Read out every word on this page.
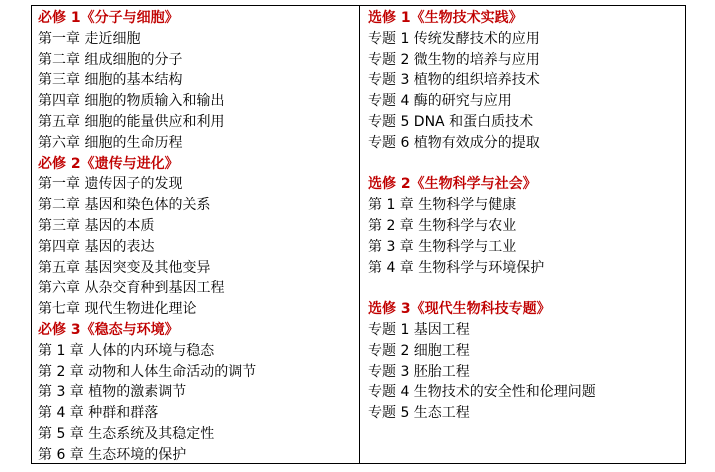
必修 1《分子与细胞》
第一章 走近细胞
第二章 组成细胞的分子
第三章 细胞的基本结构
第四章 细胞的物质输入和输出
第五章 细胞的能量供应和利用
第六章 细胞的生命历程
必修 2《遗传与进化》
第一章 遗传因子的发现
第二章 基因和染色体的关系
第三章 基因的本质
第四章 基因的表达
第五章 基因突变及其他变异
第六章 从杂交育种到基因工程
第七章 现代生物进化理论
必修 3《稳态与环境》
第 1 章 人体的内环境与稳态
第 2 章 动物和人体生命活动的调节
第 3 章 植物的激素调节
第 4 章 种群和群落
第 5 章 生态系统及其稳定性
第 6 章 生态环境的保护
选修 1《生物技术实践》
专题 1 传统发酵技术的应用
专题 2 微生物的培养与应用
专题 3 植物的组织培养技术
专题 4 酶的研究与应用
专题 5 DNA 和蛋白质技术
专题 6 植物有效成分的提取
选修 2《生物科学与社会》
第 1 章 生物科学与健康
第 2 章 生物科学与农业
第 3 章 生物科学与工业
第 4 章 生物科学与环境保护
选修 3《现代生物科技专题》
专题 1 基因工程
专题 2 细胞工程
专题 3 胚胎工程
专题 4 生物技术的安全性和伦理问题
专题 5 生态工程
